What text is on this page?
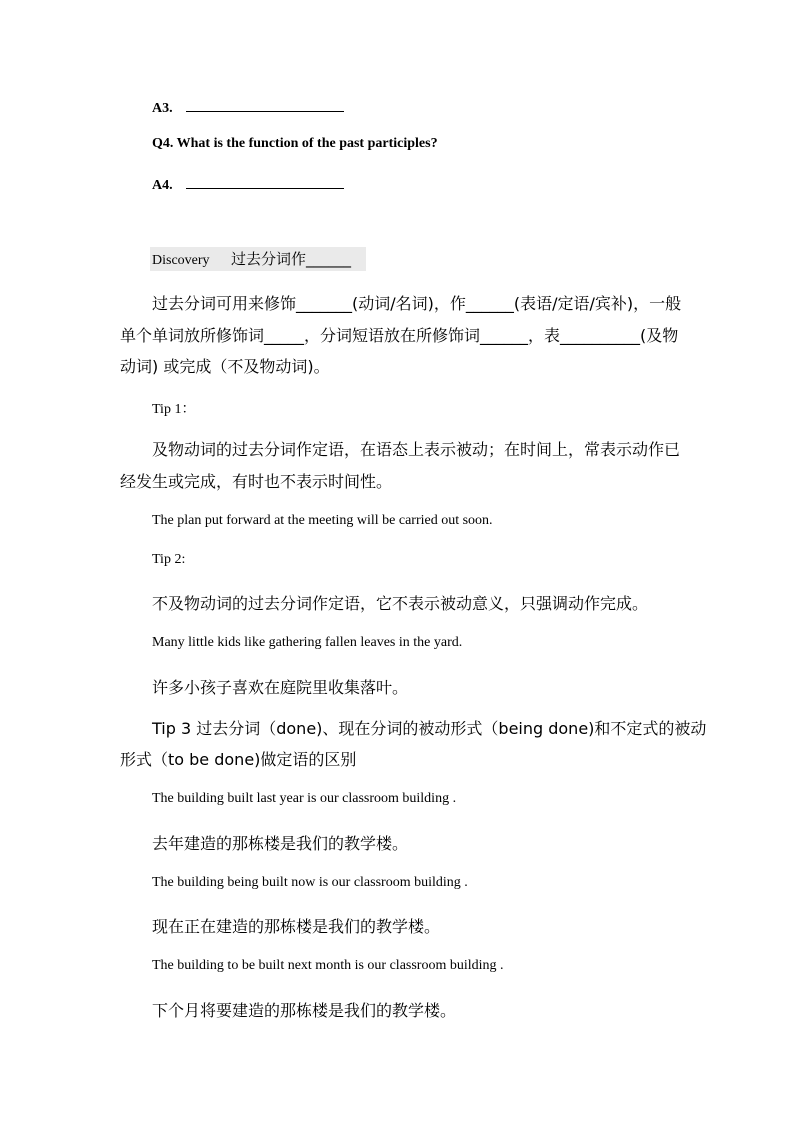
A3.
Q4. What is the function of the past participles?
A4.
Discovery 过去分词作______
过去分词可用来修饰_______(动词/名词)，作______(表语/定语/宾补)，一般
单个单词放所修饰词_____，分词短语放在所修饰词______，表__________(及物
动词) 或完成（不及物动词)。
Tip 1：
及物动词的过去分词作定语，在语态上表示被动；在时间上，常表示动作已
经发生或完成，有时也不表示时间性。
The plan put forward at the meeting will be carried out soon.
Tip 2:
不及物动词的过去分词作定语，它不表示被动意义，只强调动作完成。
Many little kids like gathering fallen leaves in the yard.
许多小孩子喜欢在庭院里收集落叶。
Tip 3 过去分词（done)、现在分词的被动形式（being done)和不定式的被动
形式（to be done)做定语的区别
The building built last year is our classroom building .
去年建造的那栋楼是我们的教学楼。
The building being built now is our classroom building .
现在正在建造的那栋楼是我们的教学楼。
The building to be built next month is our classroom building .
下个月将要建造的那栋楼是我们的教学楼。
